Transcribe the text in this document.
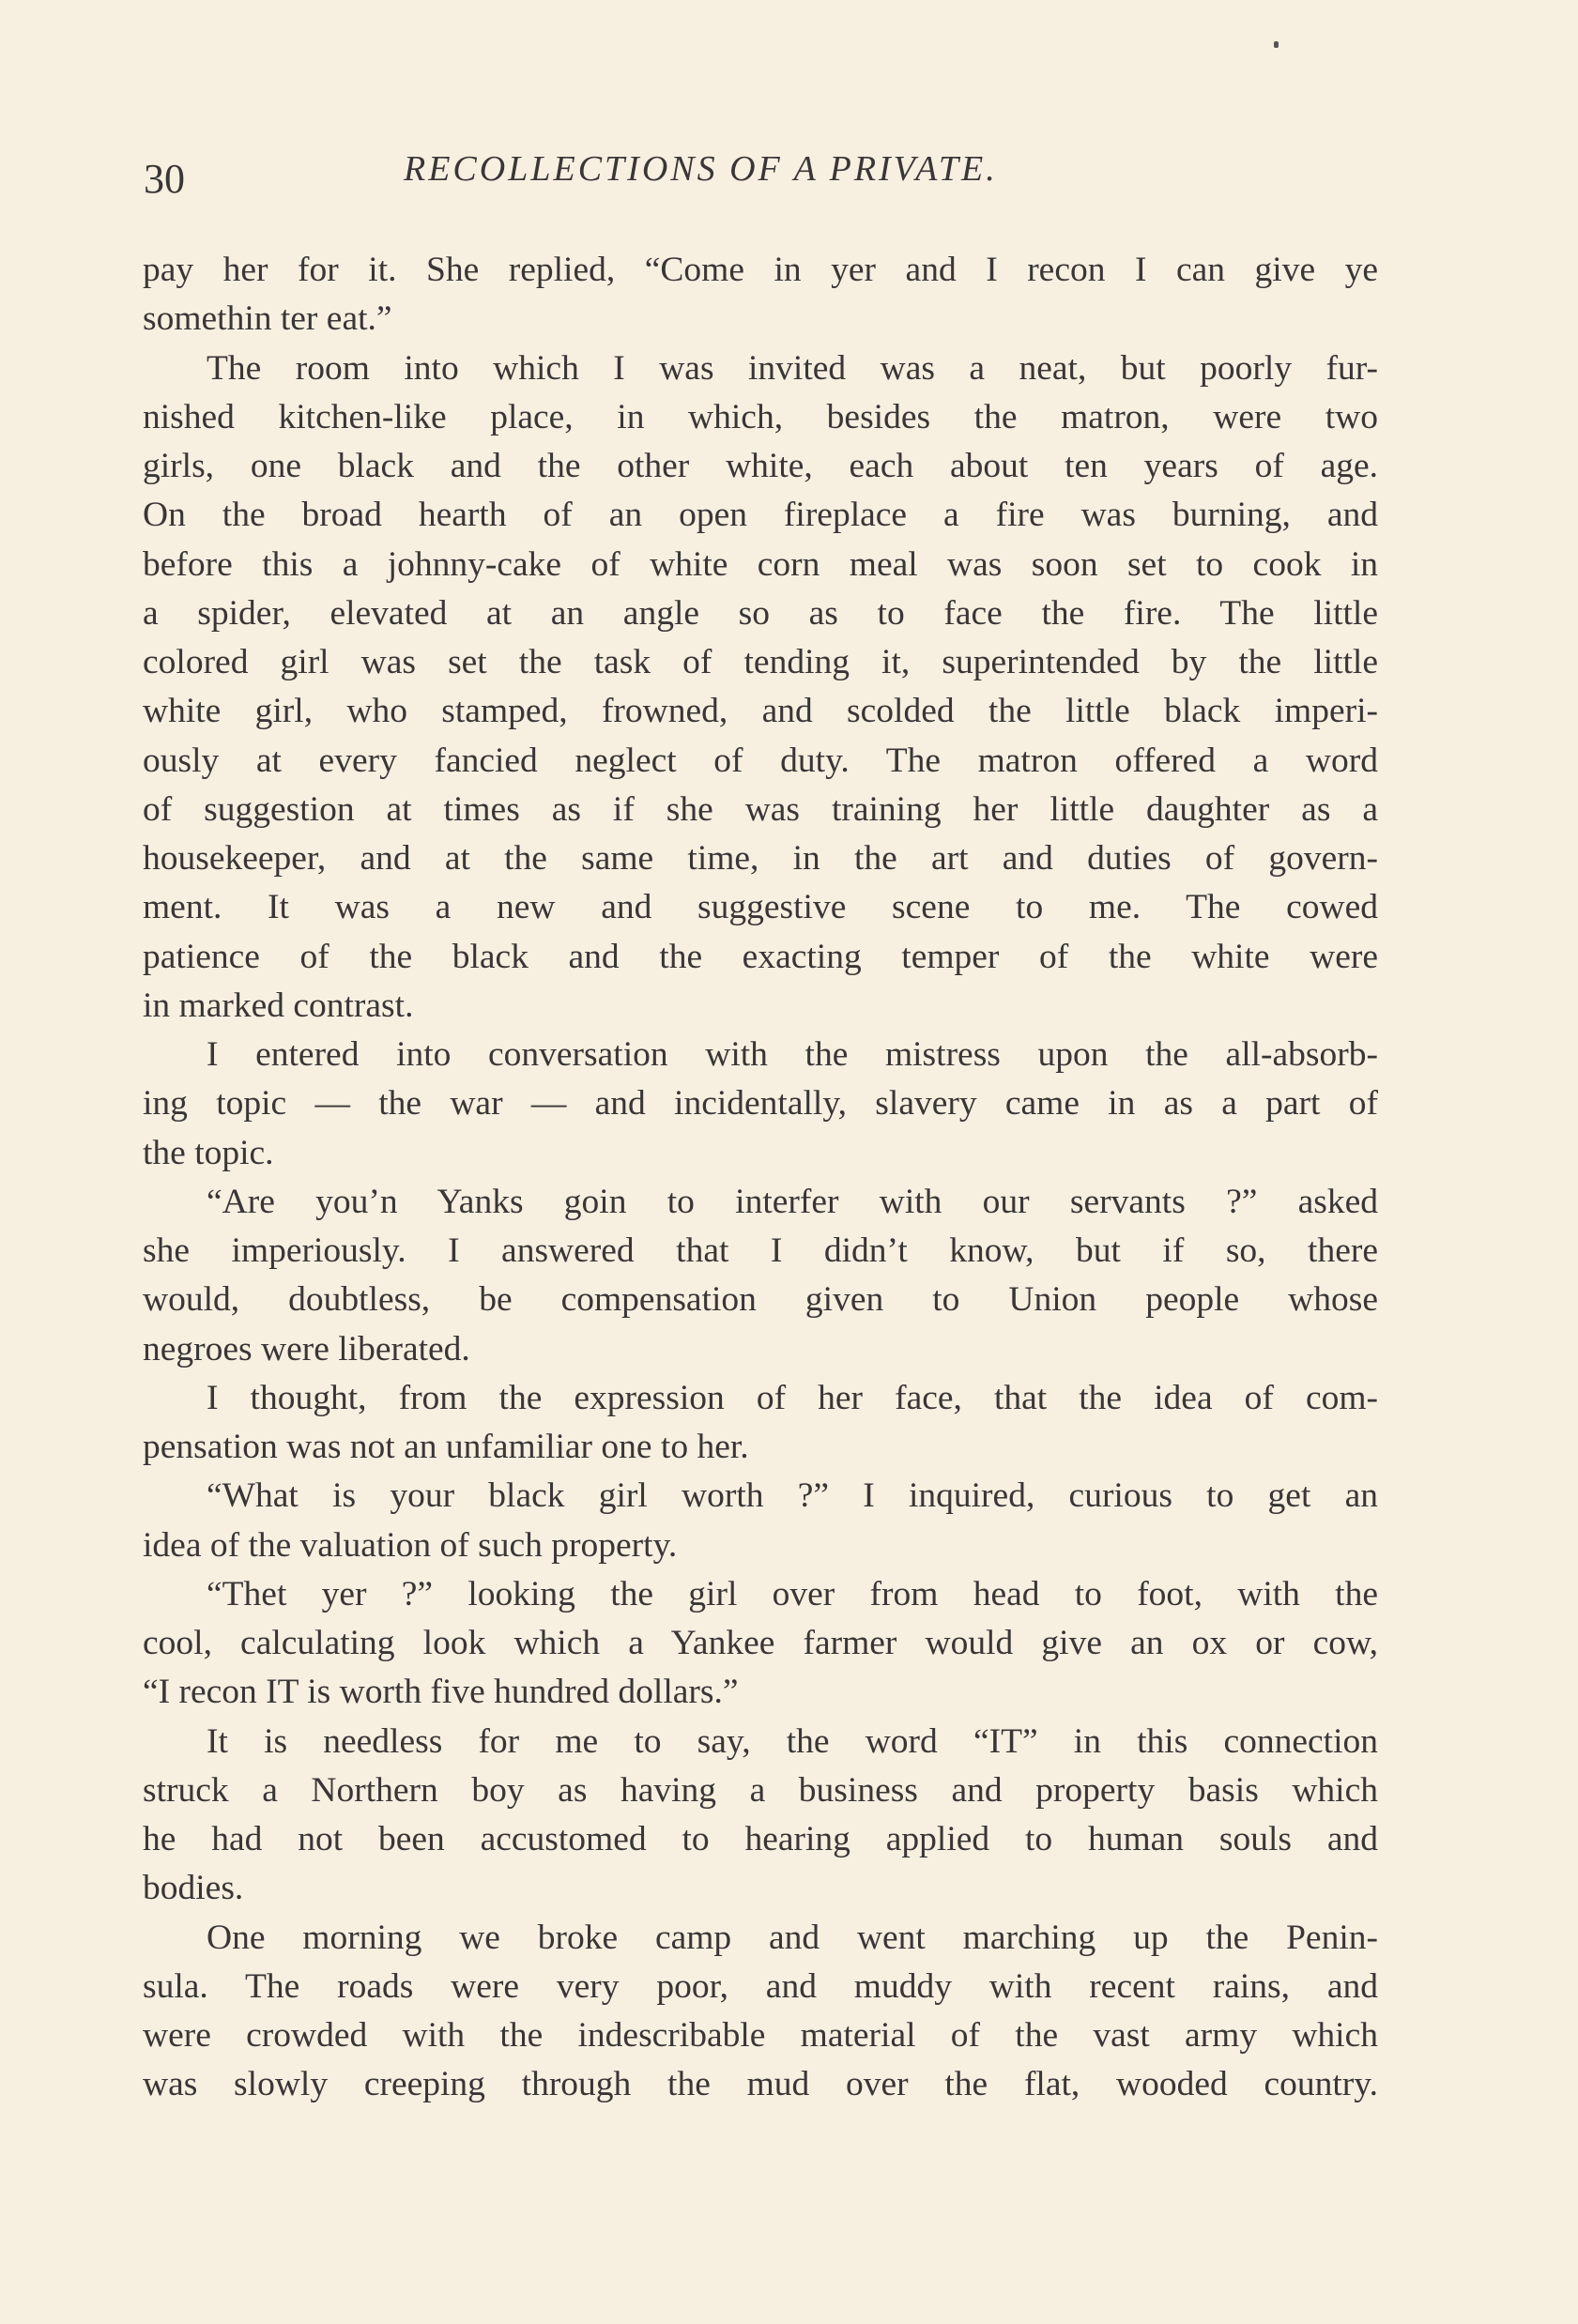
30	RECOLLECTIONS OF A PRIVATE.
pay her for it. She replied, “Come in yer and I recon I can give ye
somethin ter eat.”
The room into which I was invited was a neat, but poorly fur-
nished kitchen-like place, in which, besides the matron, were two
girls, one black and the other white, each about ten years of age.
On the broad hearth of an open fireplace a fire was burning, and
before this a johnny-cake of white corn meal was soon set to cook in
a spider, elevated at an angle so as to face the fire. The little
colored girl was set the task of tending it, superintended by the little
white girl, who stamped, frowned, and scolded the little black imperi-
ously at every fancied neglect of duty. The matron offered a word
of suggestion at times as if she was training her little daughter as a
housekeeper, and at the same time, in the art and duties of govern-
ment. It was a new and suggestive scene to me. The cowed
patience of the black and the exacting temper of the white were
in marked contrast.
I entered into conversation with the mistress upon the all-absorb-
ing topic — the war — and incidentally, slavery came in as a part of
the topic.
“Are you’n Yanks goin to interfer with our servants ?” asked
she imperiously. I answered that I didn’t know, but if so, there
would, doubtless, be compensation given to Union people whose
negroes were liberated.
I thought, from the expression of her face, that the idea of com-
pensation was not an unfamiliar one to her.
“What is your black girl worth ?” I inquired, curious to get an
idea of the valuation of such property.
“Thet yer ?” looking the girl over from head to foot, with the
cool, calculating look which a Yankee farmer would give an ox or cow,
“I recon IT is worth five hundred dollars.”
It is needless for me to say, the word “IT” in this connection
struck a Northern boy as having a business and property basis which
he had not been accustomed to hearing applied to human souls and
bodies.
One morning we broke camp and went marching up the Penin-
sula. The roads were very poor, and muddy with recent rains, and
were crowded with the indescribable material of the vast army which
was slowly creeping through the mud over the flat, wooded country.
